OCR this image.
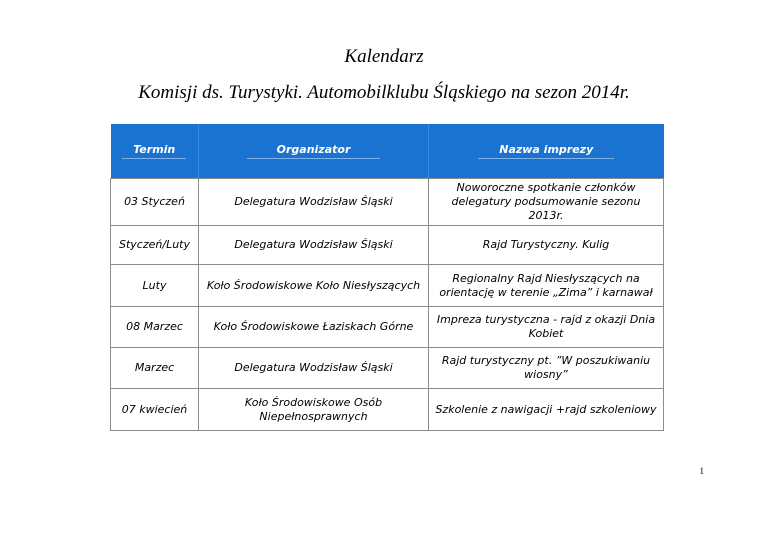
Kalendarz
Komisji ds. Turystyki. Automobilklubu Śląskiego na sezon 2014r.
Termin	Organizator	Nazwa imprezy
03 Styczeń	Delegatura Wodzisław Śląski	Noworoczne spotkanie członków delegatury podsumowanie sezonu 2013r.
Styczeń/Luty	Delegatura Wodzisław Śląski	Rajd Turystyczny. Kulig
Luty	Koło Środowiskowe Koło Niesłyszących	Regionalny Rajd Niesłyszących na orientację w terenie „Zima” i karnawał
08 Marzec	Koło Środowiskowe Łaziskach Górne	Impreza turystyczna - rajd z okazji Dnia Kobiet
Marzec	Delegatura Wodzisław Śląski	Rajd turystyczny pt. ”W poszukiwaniu wiosny”
07 kwiecień	Koło Środowiskowe Osób Niepełnosprawnych	Szkolenie z nawigacji +rajd szkoleniowy
1
